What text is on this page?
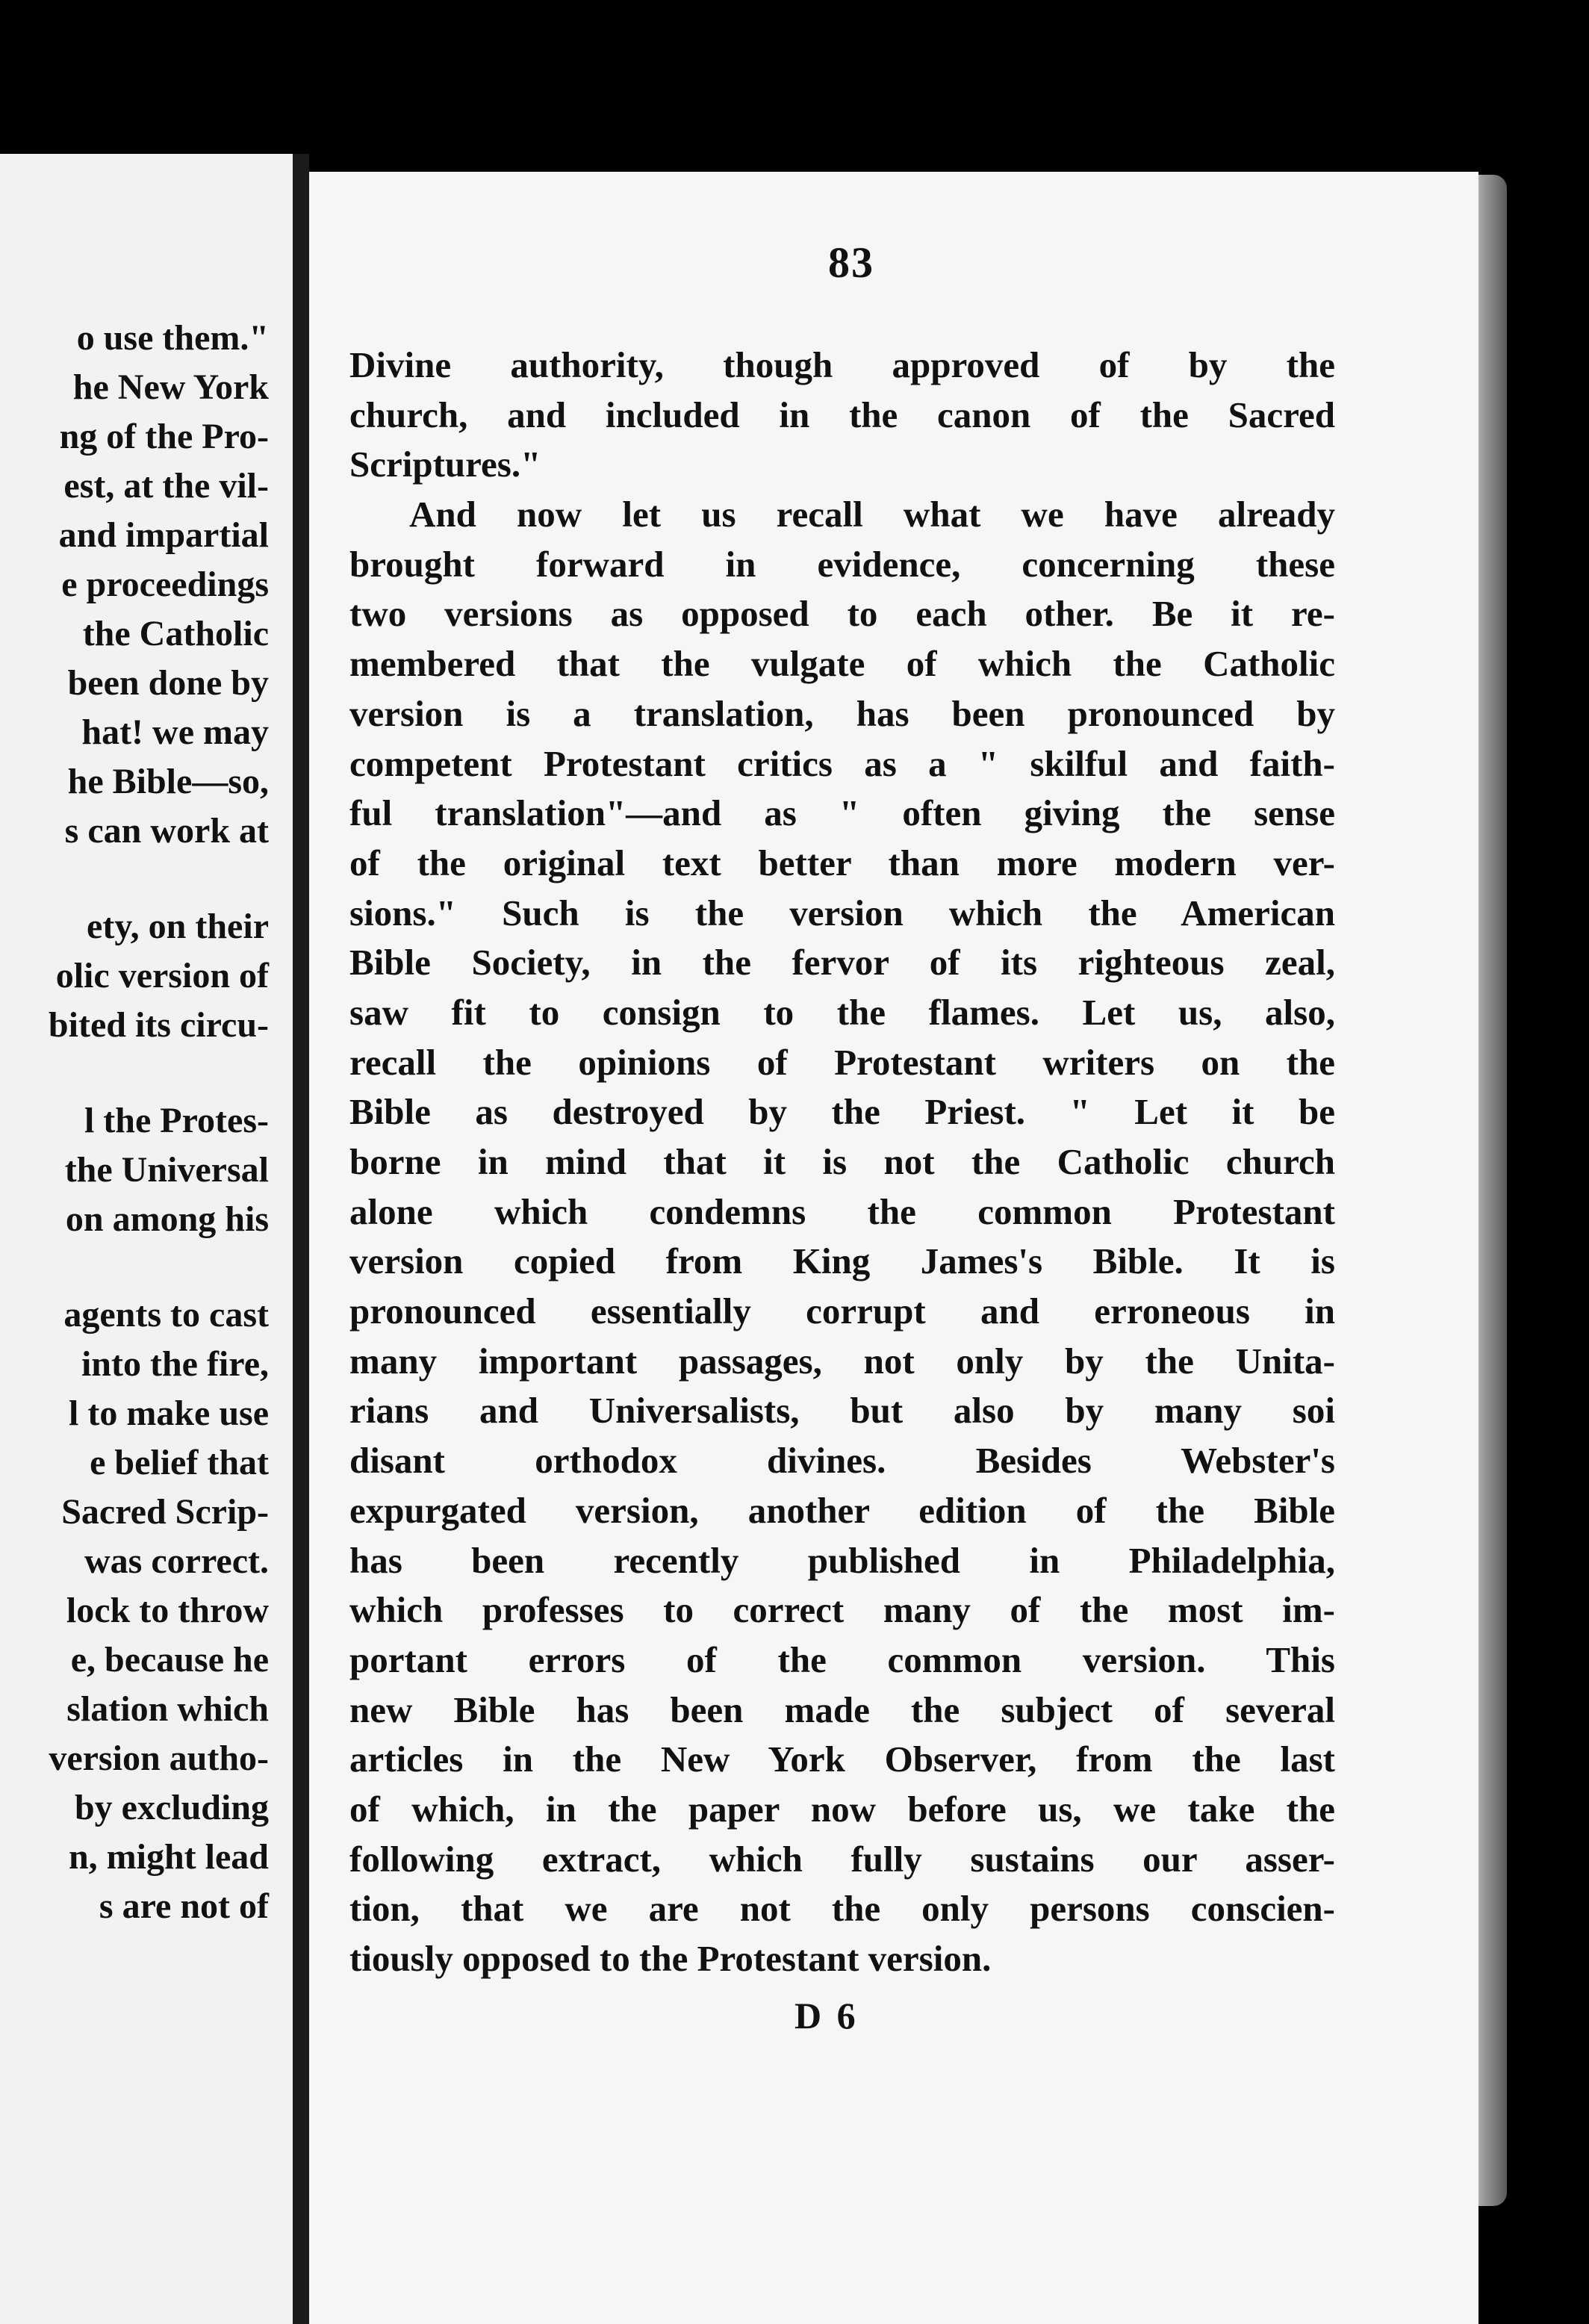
o use them."
he New York
ng of the Pro-
est, at the vil-
and impartial
e proceedings
the Catholic
been done by
hat! we may
he Bible—so,
s can work at
ety, on their
olic version of
bited its circu-
l the Protes-
the Universal
on among his
agents to cast
into the fire,
l to make use
e belief that
Sacred Scrip-
was correct.
lock to throw
e, because he
slation which
version autho-
by excluding
n, might lead
s are not of
83
Divine authority, though approved of by the
church, and included in the canon of the Sacred
Scriptures."
And now let us recall what we have already
brought forward in evidence, concerning these
two versions as opposed to each other. Be it re-
membered that the vulgate of which the Catholic
version is a translation, has been pronounced by
competent Protestant critics as a " skilful and faith-
ful translation"—and as " often giving the sense
of the original text better than more modern ver-
sions." Such is the version which the American
Bible Society, in the fervor of its righteous zeal,
saw fit to consign to the flames. Let us, also,
recall the opinions of Protestant writers on the
Bible as destroyed by the Priest. " Let it be
borne in mind that it is not the Catholic church
alone which condemns the common Protestant
version copied from King James's Bible. It is
pronounced essentially corrupt and erroneous in
many important passages, not only by the Unita-
rians and Universalists, but also by many soi
disant orthodox divines. Besides Webster's
expurgated version, another edition of the Bible
has been recently published in Philadelphia,
which professes to correct many of the most im-
portant errors of the common version. This
new Bible has been made the subject of several
articles in the New York Observer, from the last
of which, in the paper now before us, we take the
following extract, which fully sustains our asser-
tion, that we are not the only persons conscien-
tiously opposed to the Protestant version.
D 6
